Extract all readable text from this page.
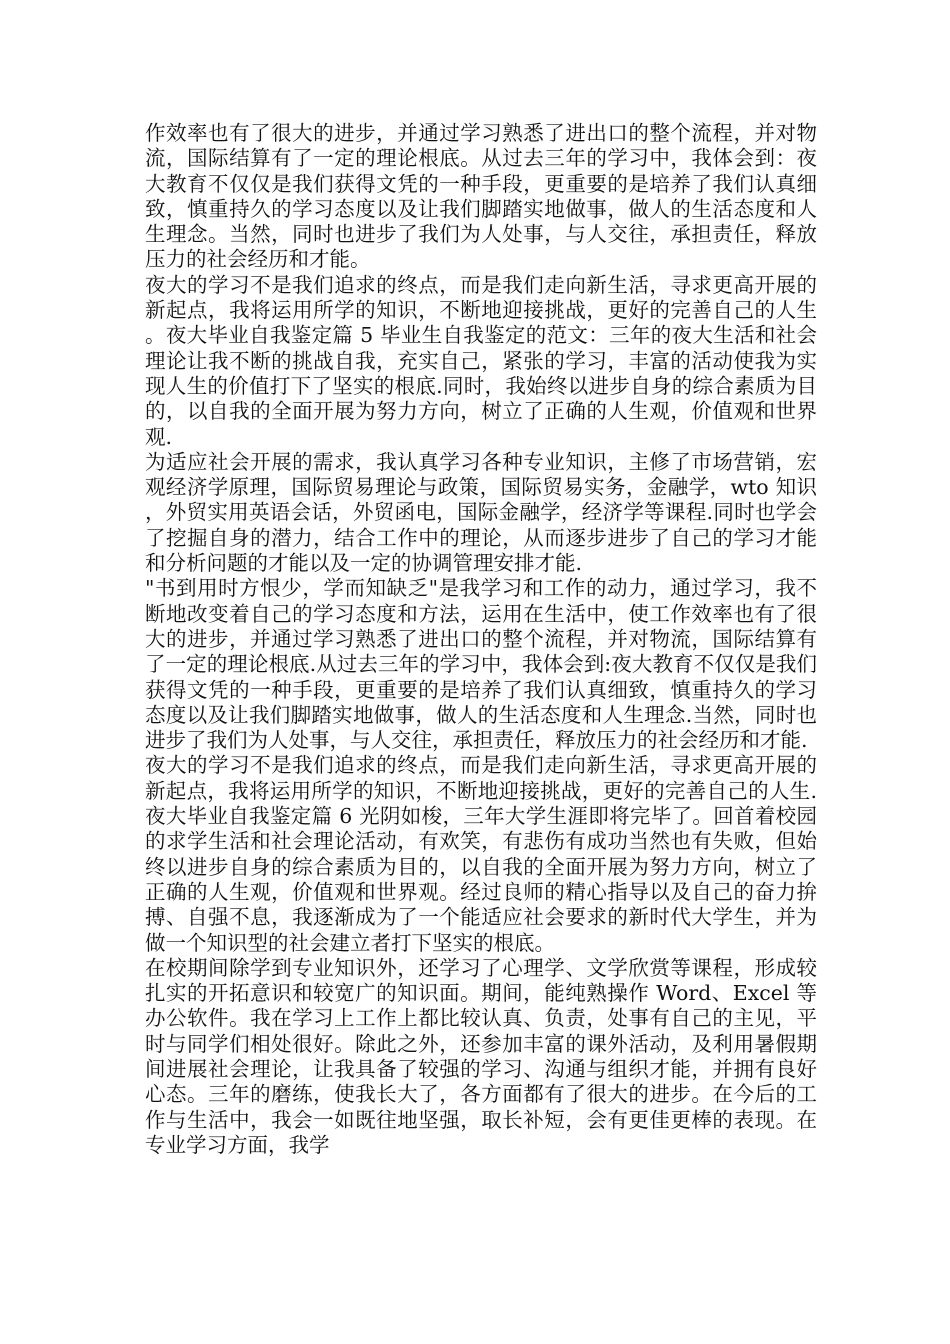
作效率也有了很大的进步，并通过学习熟悉了进出口的整个流程，并对物流，国际结算有了一定的理论根底。从过去三年的学习中，我体会到：夜大教育不仅仅是我们获得文凭的一种手段，更重要的是培养了我们认真细致，慎重持久的学习态度以及让我们脚踏实地做事，做人的生活态度和人生理念。当然，同时也进步了我们为人处事，与人交往，承担责任，释放压力的社会经历和才能。

夜大的学习不是我们追求的终点，而是我们走向新生活，寻求更高开展的新起点，我将运用所学的知识，不断地迎接挑战，更好的完善自己的人生。夜大毕业自我鉴定篇 5 毕业生自我鉴定的范文：三年的夜大生活和社会理论让我不断的挑战自我，充实自己，紧张的学习，丰富的活动使我为实现人生的价值打下了坚实的根底.同时，我始终以进步自身的综合素质为目的，以自我的全面开展为努力方向，树立了正确的人生观，价值观和世界观.

为适应社会开展的需求，我认真学习各种专业知识，主修了市场营销，宏观经济学原理，国际贸易理论与政策，国际贸易实务，金融学，wto 知识，外贸实用英语会话，外贸函电，国际金融学，经济学等课程.同时也学会了挖掘自身的潜力，结合工作中的理论，从而逐步进步了自己的学习才能和分析问题的才能以及一定的协调管理安排才能.

"书到用时方恨少，学而知缺乏"是我学习和工作的动力，通过学习，我不断地改变着自己的学习态度和方法，运用在生活中，使工作效率也有了很大的进步，并通过学习熟悉了进出口的整个流程，并对物流，国际结算有了一定的理论根底.从过去三年的学习中，我体会到:夜大教育不仅仅是我们获得文凭的一种手段，更重要的是培养了我们认真细致，慎重持久的学习态度以及让我们脚踏实地做事，做人的生活态度和人生理念.当然，同时也进步了我们为人处事，与人交往，承担责任，释放压力的社会经历和才能.

夜大的学习不是我们追求的终点，而是我们走向新生活，寻求更高开展的新起点，我将运用所学的知识，不断地迎接挑战，更好的完善自己的人生.夜大毕业自我鉴定篇 6 光阴如梭，三年大学生涯即将完毕了。回首着校园的求学生活和社会理论活动，有欢笑，有悲伤有成功当然也有失败，但始终以进步自身的综合素质为目的，以自我的全面开展为努力方向，树立了正确的人生观，价值观和世界观。经过良师的精心指导以及自己的奋力拚搏、自强不息，我逐渐成为了一个能适应社会要求的新时代大学生，并为做一个知识型的社会建立者打下坚实的根底。

在校期间除学到专业知识外，还学习了心理学、文学欣赏等课程，形成较扎实的开拓意识和较宽广的知识面。期间，能纯熟操作 Word、Excel 等办公软件。我在学习上工作上都比较认真、负责，处事有自己的主见，平时与同学们相处很好。除此之外，还参加丰富的课外活动，及利用暑假期间进展社会理论，让我具备了较强的学习、沟通与组织才能，并拥有良好心态。三年的磨练，使我长大了，各方面都有了很大的进步。在今后的工作与生活中，我会一如既往地坚强，取长补短，会有更佳更棒的表现。在专业学习方面，我学
